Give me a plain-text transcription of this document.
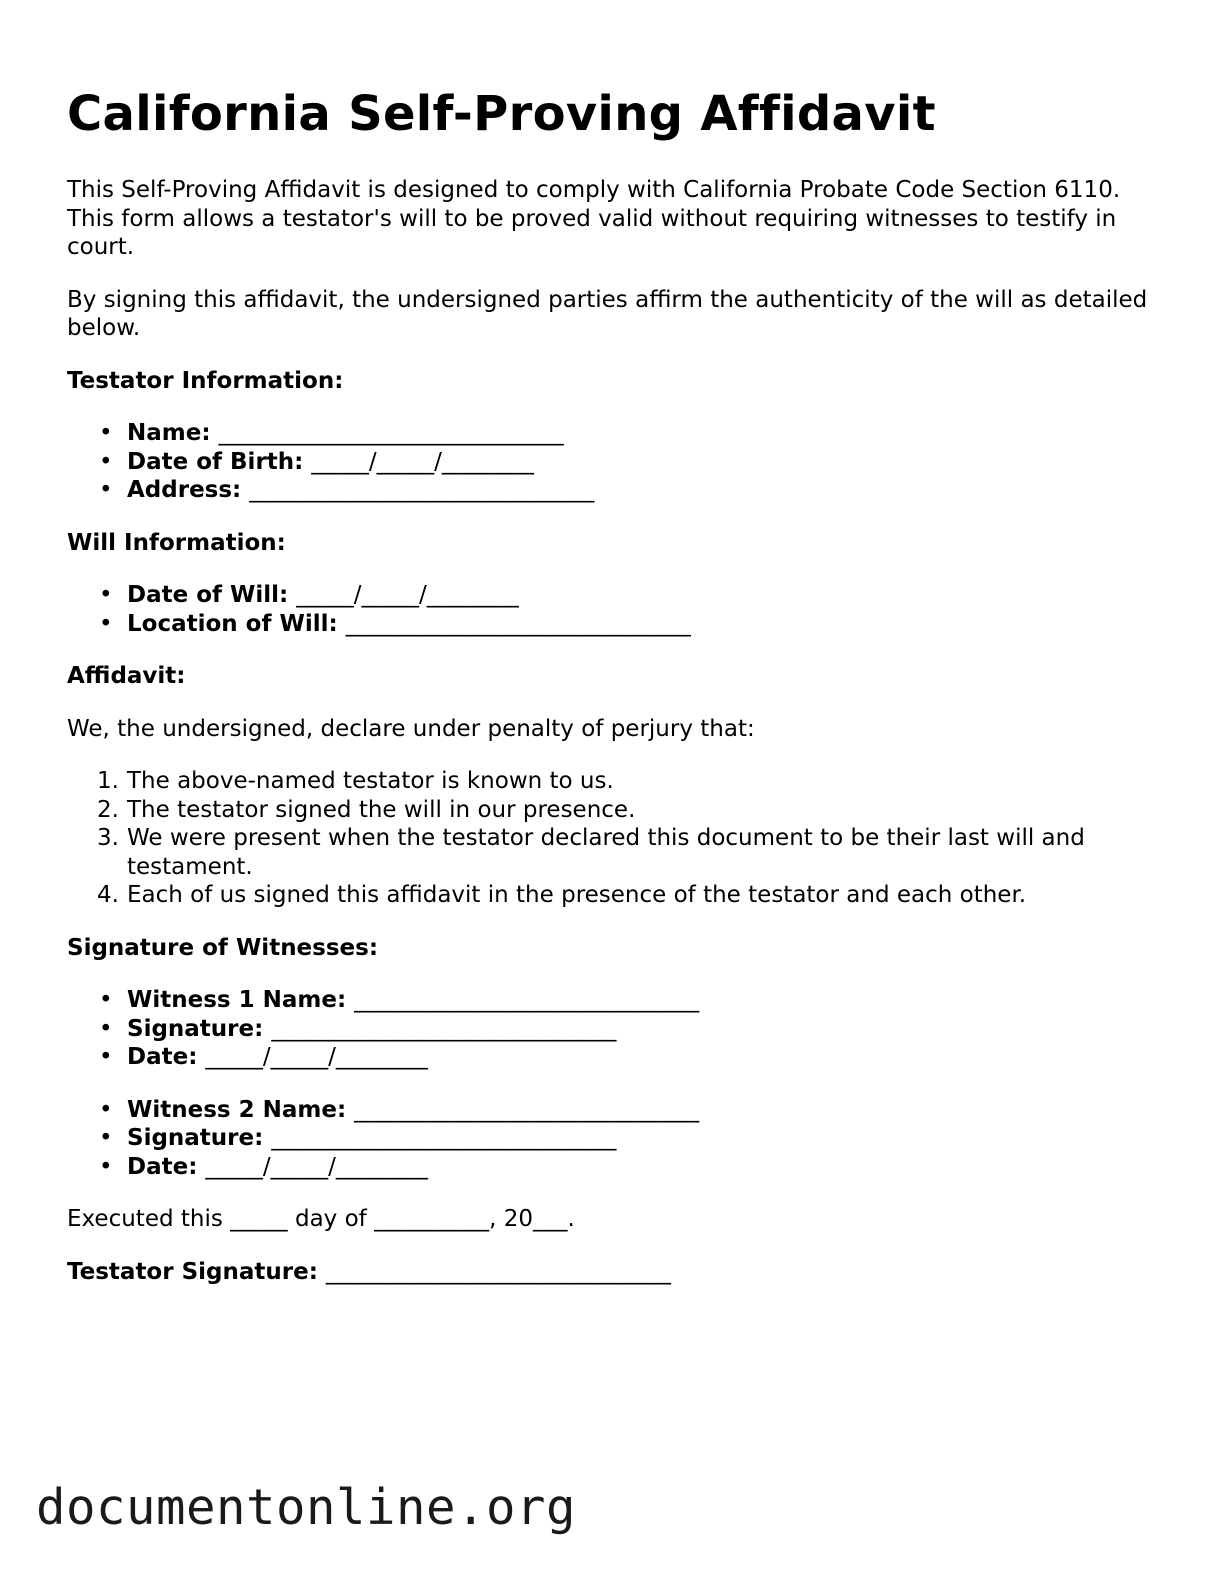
California Self-Proving Affidavit

This Self-Proving Affidavit is designed to comply with California Probate Code Section 6110. This form allows a testator's will to be proved valid without requiring witnesses to testify in court.

By signing this affidavit, the undersigned parties affirm the authenticity of the will as detailed below.

Testator Information:
• Name: ______________________________
• Date of Birth: _____/_____/________
• Address: ______________________________
Will Information:
• Date of Will: _____/_____/________
• Location of Will: ______________________________
Affidavit:

We, the undersigned, declare under penalty of perjury that:

1. The above-named testator is known to us.
2. The testator signed the will in our presence.
3. We were present when the testator declared this document to be their last will and testament.
4. Each of us signed this affidavit in the presence of the testator and each other.
Signature of Witnesses:
• Witness 1 Name: ______________________________
• Signature: ______________________________
• Date: _____/_____/________
• Witness 2 Name: ______________________________
• Signature: ______________________________
• Date: _____/_____/________
Executed this _____ day of __________, 20___.
Testator Signature: ______________________________
documentonline.org
